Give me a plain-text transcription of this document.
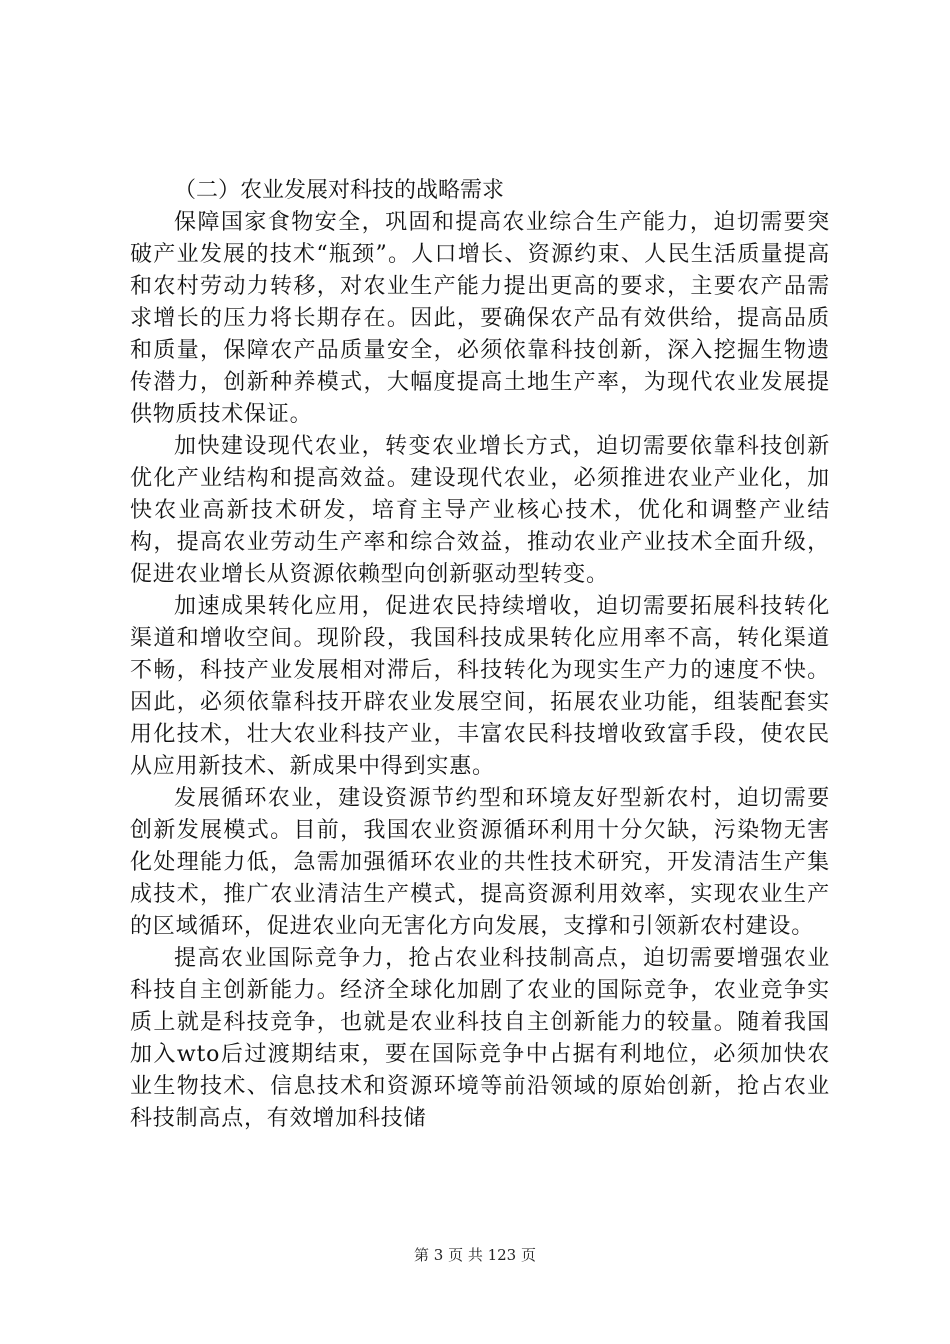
（二）农业发展对科技的战略需求

保障国家食物安全，巩固和提高农业综合生产能力，迫切需要突破产业发展的技术“瓶颈”。人口增长、资源约束、人民生活质量提高和农村劳动力转移，对农业生产能力提出更高的要求，主要农产品需求增长的压力将长期存在。因此，要确保农产品有效供给，提高品质和质量，保障农产品质量安全，必须依靠科技创新，深入挖掘生物遗传潜力，创新种养模式，大幅度提高土地生产率，为现代农业发展提供物质技术保证。

加快建设现代农业，转变农业增长方式，迫切需要依靠科技创新优化产业结构和提高效益。建设现代农业，必须推进农业产业化，加快农业高新技术研发，培育主导产业核心技术，优化和调整产业结构，提高农业劳动生产率和综合效益，推动农业产业技术全面升级，促进农业增长从资源依赖型向创新驱动型转变。

加速成果转化应用，促进农民持续增收，迫切需要拓展科技转化渠道和增收空间。现阶段，我国科技成果转化应用率不高，转化渠道不畅，科技产业发展相对滞后，科技转化为现实生产力的速度不快。因此，必须依靠科技开辟农业发展空间，拓展农业功能，组装配套实用化技术，壮大农业科技产业，丰富农民科技增收致富手段，使农民从应用新技术、新成果中得到实惠。

发展循环农业，建设资源节约型和环境友好型新农村，迫切需要创新发展模式。目前，我国农业资源循环利用十分欠缺，污染物无害化处理能力低，急需加强循环农业的共性技术研究，开发清洁生产集成技术，推广农业清洁生产模式，提高资源利用效率，实现农业生产的区域循环，促进农业向无害化方向发展，支撑和引领新农村建设。

提高农业国际竞争力，抢占农业科技制高点，迫切需要增强农业科技自主创新能力。经济全球化加剧了农业的国际竞争，农业竞争实质上就是科技竞争，也就是农业科技自主创新能力的较量。随着我国加入wto后过渡期结束，要在国际竞争中占据有利地位，必须加快农业生物技术、信息技术和资源环境等前沿领域的原始创新，抢占农业科技制高点，有效增加科技储

第 3 页 共 123 页
